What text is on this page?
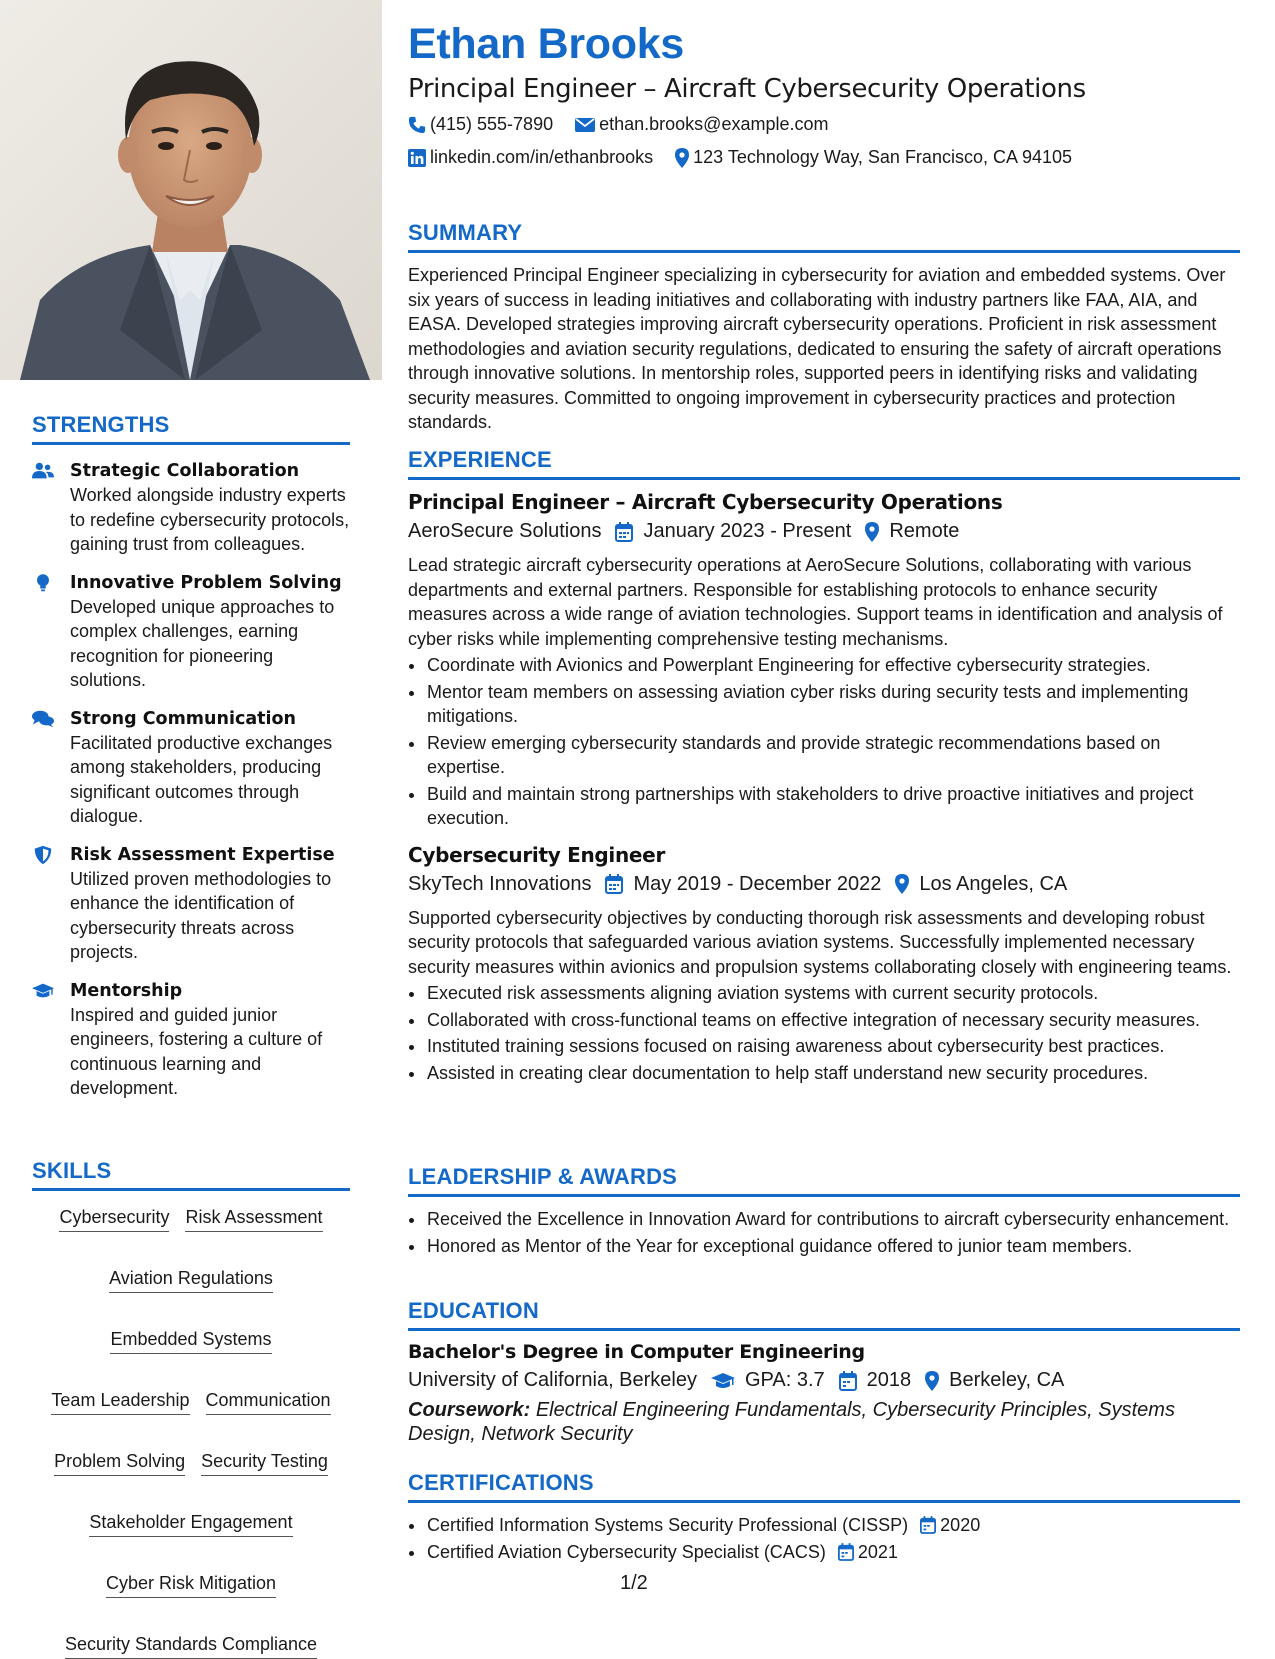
STRENGTHS
Strategic Collaboration
Worked alongside industry experts to redefine cybersecurity protocols, gaining trust from colleagues.
Innovative Problem Solving
Developed unique approaches to complex challenges, earning recognition for pioneering solutions.
Strong Communication
Facilitated productive exchanges among stakeholders, producing significant outcomes through dialogue.
Risk Assessment Expertise
Utilized proven methodologies to enhance the identification of cybersecurity threats across projects.
Mentorship
Inspired and guided junior engineers, fostering a culture of continuous learning and development.
SKILLS
Cybersecurity Risk Assessment
Aviation Regulations
Embedded Systems
Team Leadership Communication
Problem Solving Security Testing
Stakeholder Engagement
Cyber Risk Mitigation
Security Standards Compliance
Ethan Brooks
Principal Engineer – Aircraft Cybersecurity Operations
(415) 555-7890	ethan.brooks@example.com
linkedin.com/in/ethanbrooks 123 Technology Way, San Francisco, CA 94105
SUMMARY
Experienced Principal Engineer specializing in cybersecurity for aviation and embedded systems. Over six years of success in leading initiatives and collaborating with industry partners like FAA, AIA, and EASA. Developed strategies improving aircraft cybersecurity operations. Proficient in risk assessment methodologies and aviation security regulations, dedicated to ensuring the safety of aircraft operations through innovative solutions. In mentorship roles, supported peers in identifying risks and validating security measures. Committed to ongoing improvement in cybersecurity practices and protection standards.
EXPERIENCE
Principal Engineer – Aircraft Cybersecurity Operations
AeroSecure Solutions January 2023 - Present Remote
Lead strategic aircraft cybersecurity operations at AeroSecure Solutions, collaborating with various departments and external partners. Responsible for establishing protocols to enhance security measures across a wide range of aviation technologies. Support teams in identification and analysis of cyber risks while implementing comprehensive testing mechanisms.
• Coordinate with Avionics and Powerplant Engineering for effective cybersecurity strategies.
• Mentor team members on assessing aviation cyber risks during security tests and implementing mitigations.
• Review emerging cybersecurity standards and provide strategic recommendations based on expertise.
• Build and maintain strong partnerships with stakeholders to drive proactive initiatives and project execution.
Cybersecurity Engineer
SkyTech Innovations May 2019 - December 2022 Los Angeles, CA
Supported cybersecurity objectives by conducting thorough risk assessments and developing robust security protocols that safeguarded various aviation systems. Successfully implemented necessary security measures within avionics and propulsion systems collaborating closely with engineering teams.
• Executed risk assessments aligning aviation systems with current security protocols.
• Collaborated with cross-functional teams on effective integration of necessary security measures.
• Instituted training sessions focused on raising awareness about cybersecurity best practices.
• Assisted in creating clear documentation to help staff understand new security procedures.
LEADERSHIP & AWARDS
• Received the Excellence in Innovation Award for contributions to aircraft cybersecurity enhancement.
• Honored as Mentor of the Year for exceptional guidance offered to junior team members.
EDUCATION
Bachelor's Degree in Computer Engineering
University of California, Berkeley GPA: 3.7 2018 Berkeley, CA
Coursework: Electrical Engineering Fundamentals, Cybersecurity Principles, Systems Design, Network Security
CERTIFICATIONS
• Certified Information Systems Security Professional (CISSP) 2020
• Certified Aviation Cybersecurity Specialist (CACS) 2021
1/2
